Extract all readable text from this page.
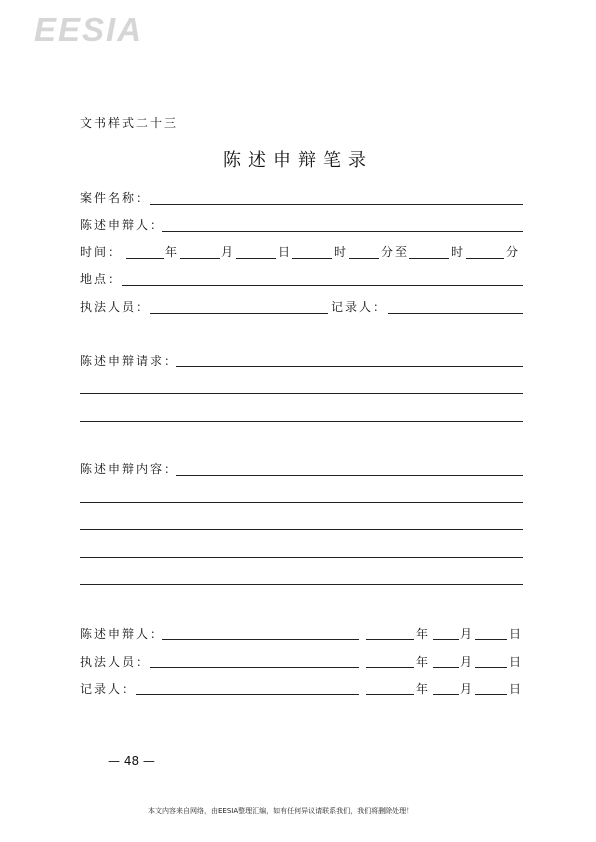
EESIA
文书样式二十三
陈述申辩笔录
案件名称：
陈述申辩人：
时间：	年	月	日	时	分至	时	分
地点：
执法人员：	记录人：
陈述申辩请求：
陈述申辩内容：
陈述申辩人：	年 月	日
执法人员：	年 月	日
记录人：	年 月	日
— 48 —
本文内容来自网络，由EESIA整理汇编，如有任何异议请联系我们，我们将删除处理！
